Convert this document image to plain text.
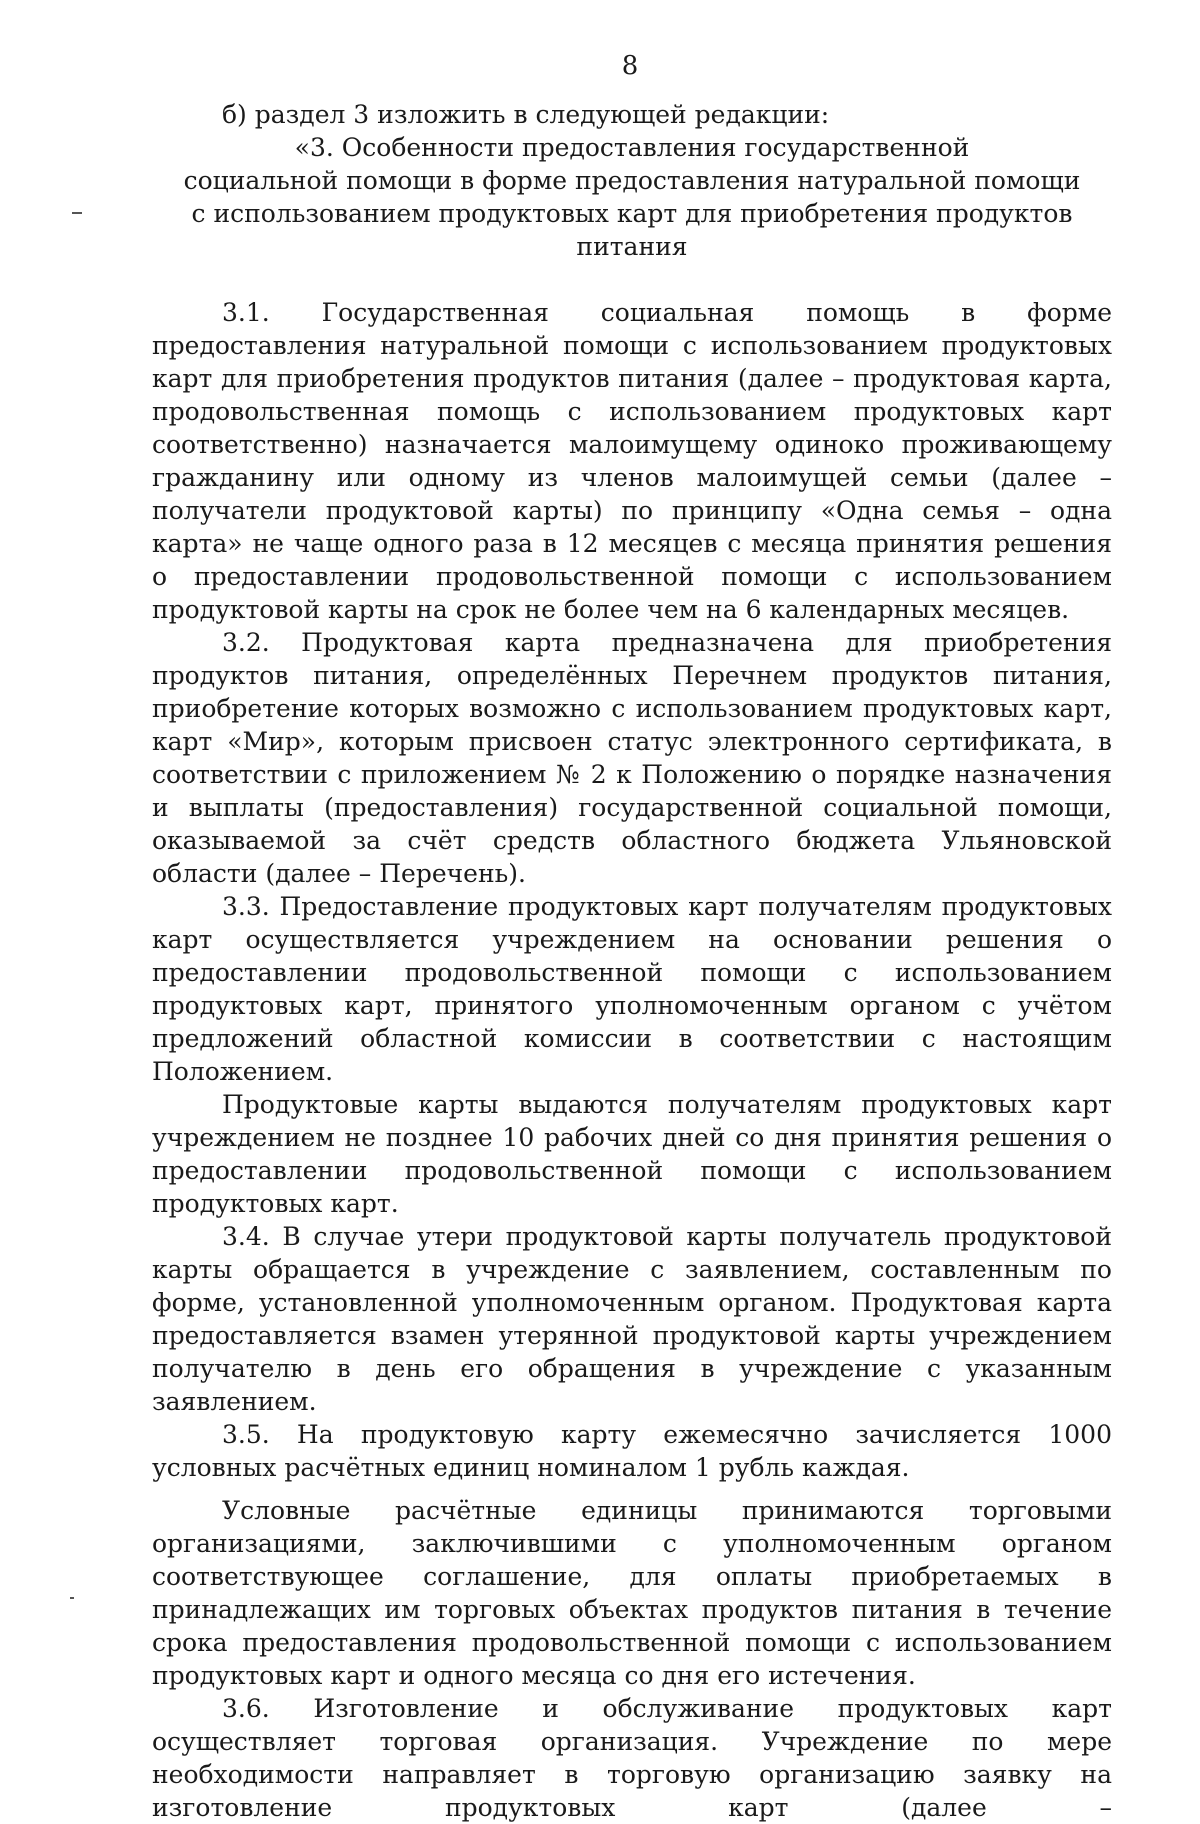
8

б) раздел 3 изложить в следующей редакции:

«3. Особенности предоставления государственной
социальной помощи в форме предоставления натуральной помощи
с использованием продуктовых карт для приобретения продуктов питания

3.1. Государственная социальная помощь в форме предоставления натуральной помощи с использованием продуктовых карт для приобретения продуктов питания (далее – продуктовая карта, продовольственная помощь с использованием продуктовых карт соответственно) назначается малоимущему одиноко проживающему гражданину или одному из членов малоимущей семьи (далее – получатели продуктовой карты) по принципу «Одна семья – одна карта» не чаще одного раза в 12 месяцев с месяца принятия решения о предоставлении продовольственной помощи с использованием продуктовой карты на срок не более чем на 6 календарных месяцев.

3.2. Продуктовая карта предназначена для приобретения продуктов питания, определённых Перечнем продуктов питания, приобретение которых возможно с использованием продуктовых карт, карт «Мир», которым присвоен статус электронного сертификата, в соответствии с приложением № 2 к Положению о порядке назначения и выплаты (предоставления) государственной социальной помощи, оказываемой за счёт средств областного бюджета Ульяновской области (далее – Перечень).

3.3. Предоставление продуктовых карт получателям продуктовых карт осуществляется учреждением на основании решения о предоставлении продовольственной помощи с использованием продуктовых карт, принятого уполномоченным органом с учётом предложений областной комиссии в соответствии с настоящим Положением.

Продуктовые карты выдаются получателям продуктовых карт учреждением не позднее 10 рабочих дней со дня принятия решения о предоставлении продовольственной помощи с использованием продуктовых карт.

3.4. В случае утери продуктовой карты получатель продуктовой карты обращается в учреждение с заявлением, составленным по форме, установленной уполномоченным органом. Продуктовая карта предоставляется взамен утерянной продуктовой карты учреждением получателю в день его обращения в учреждение с указанным заявлением.

3.5. На продуктовую карту ежемесячно зачисляется 1000 условных расчётных единиц номиналом 1 рубль каждая.

Условные расчётные единицы принимаются торговыми организациями, заключившими с уполномоченным органом соответствующее соглашение, для оплаты приобретаемых в принадлежащих им торговых объектах продуктов питания в течение срока предоставления продовольственной помощи с использованием продуктовых карт и одного месяца со дня его истечения.

3.6. Изготовление и обслуживание продуктовых карт осуществляет торговая организация. Учреждение по мере необходимости направляет в торговую организацию заявку на изготовление продуктовых карт (далее –
